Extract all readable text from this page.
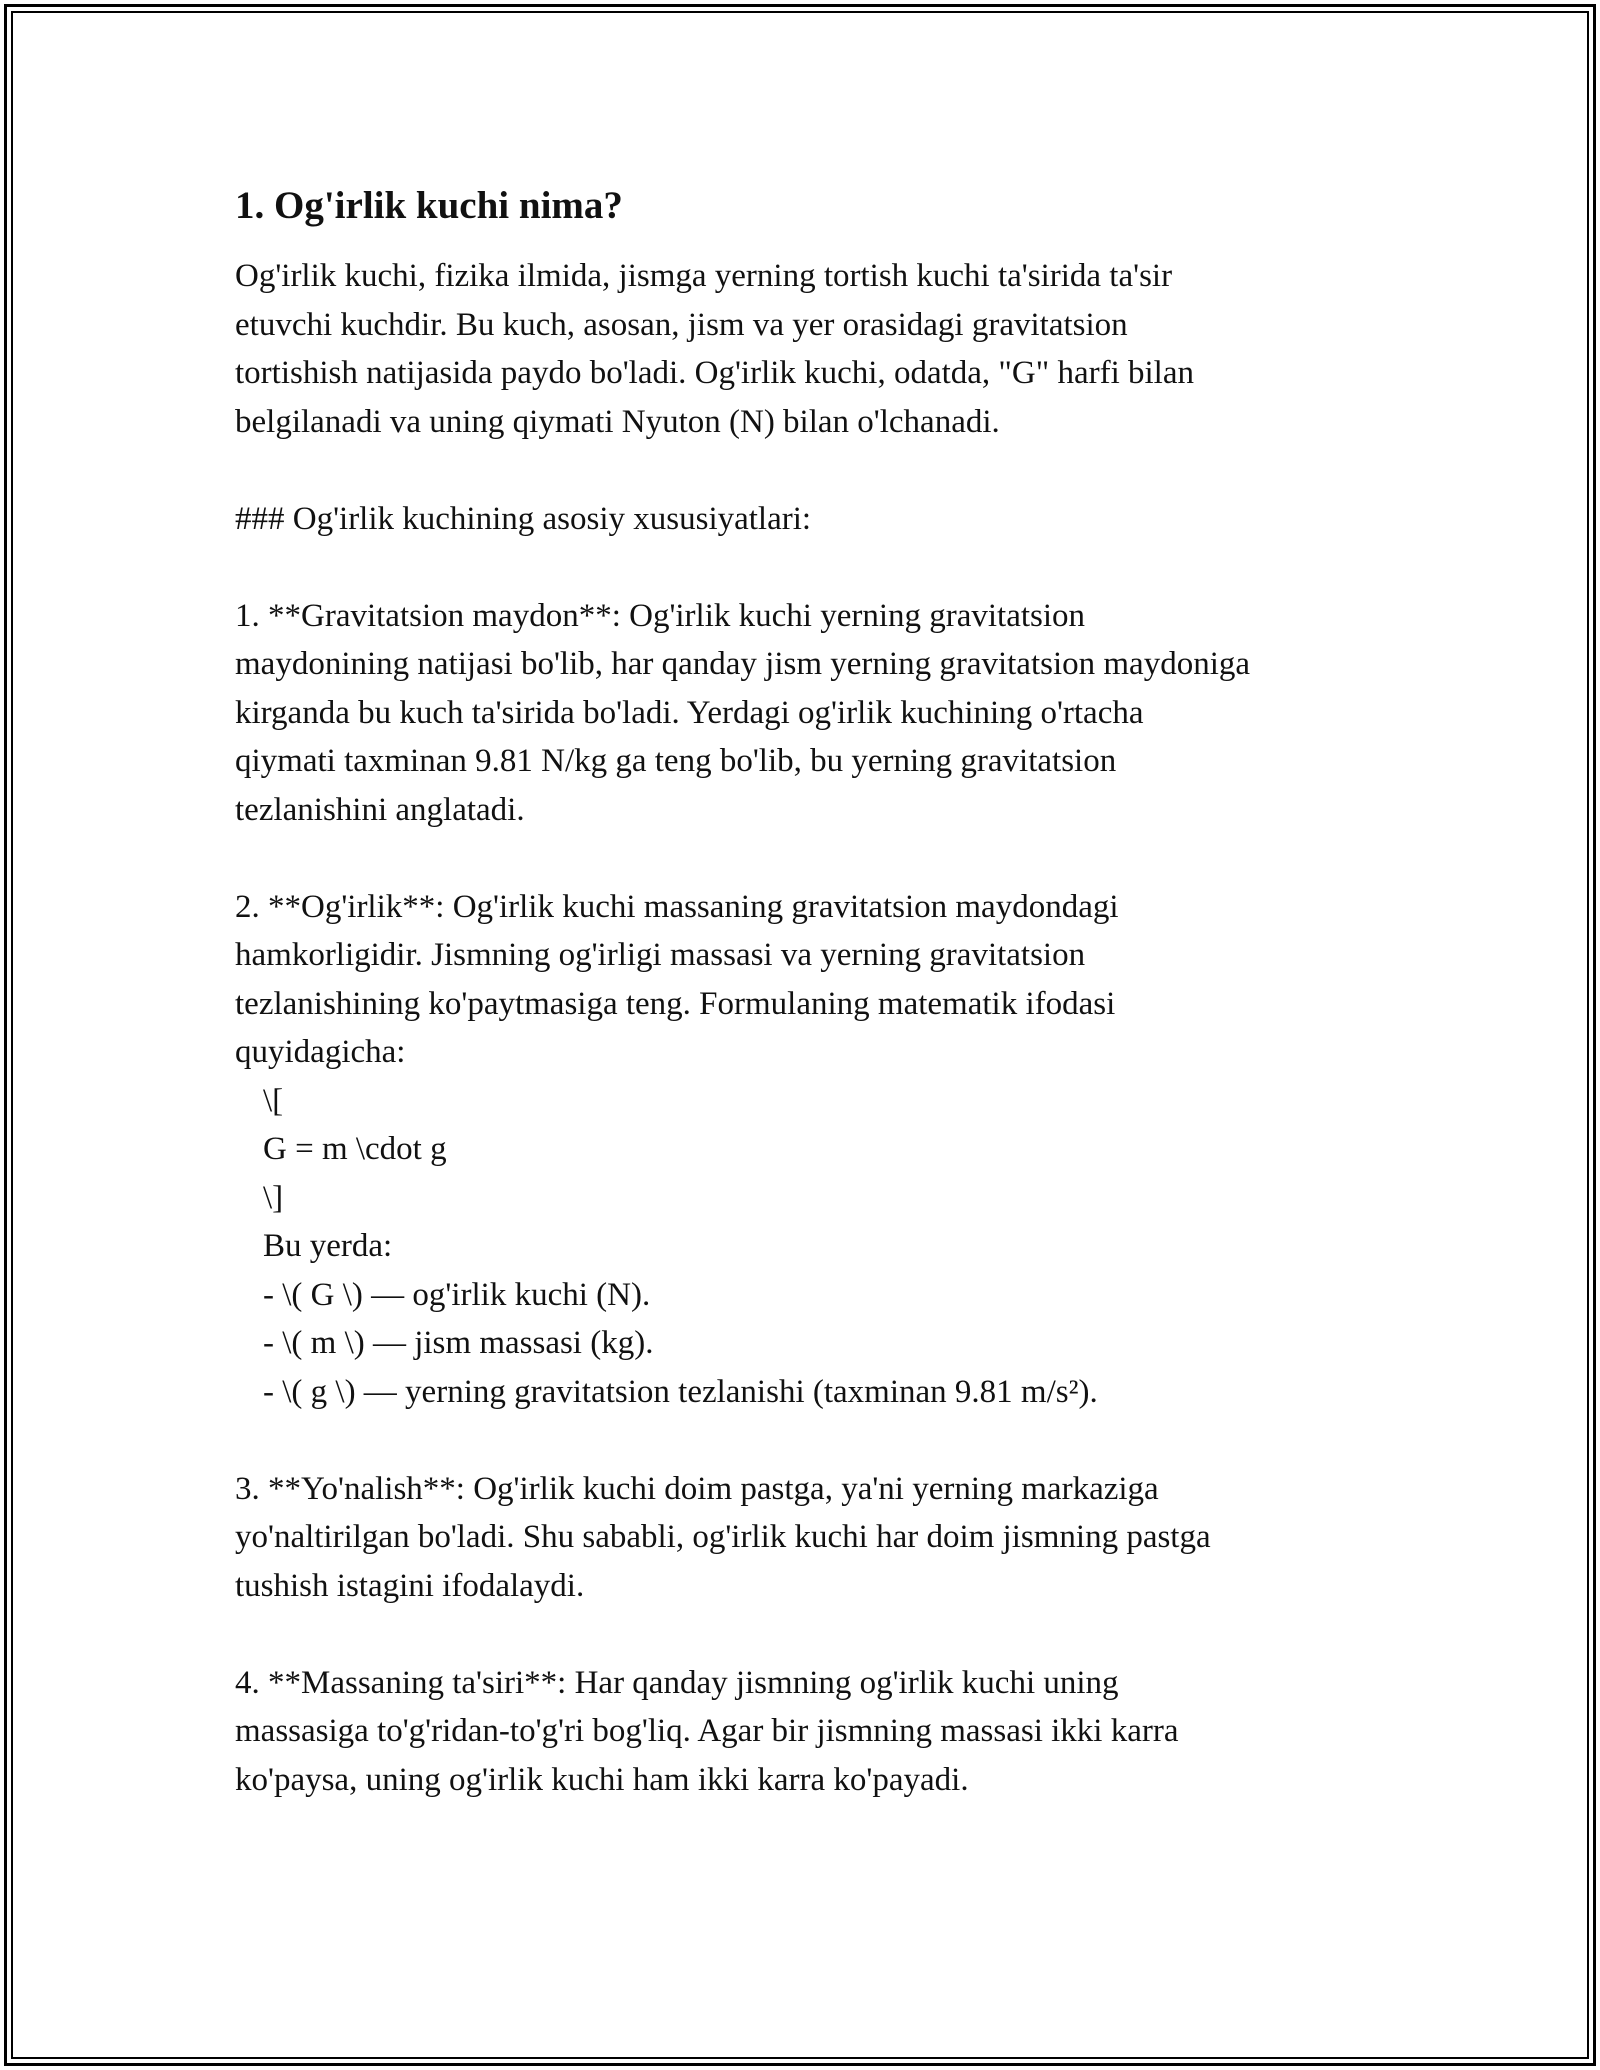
1. Og'irlik kuchi nima?

Og'irlik kuchi, fizika ilmida, jismga yerning tortish kuchi ta'sirida ta'sir
etuvchi kuchdir. Bu kuch, asosan, jism va yer orasidagi gravitatsion
tortishish natijasida paydo bo'ladi. Og'irlik kuchi, odatda, "G" harfi bilan
belgilanadi va uning qiymati Nyuton (N) bilan o'lchanadi.

### Og'irlik kuchining asosiy xususiyatlari:

1. **Gravitatsion maydon**: Og'irlik kuchi yerning gravitatsion
maydonining natijasi bo'lib, har qanday jism yerning gravitatsion maydoniga
kirganda bu kuch ta'sirida bo'ladi. Yerdagi og'irlik kuchining o'rtacha
qiymati taxminan 9.81 N/kg ga teng bo'lib, bu yerning gravitatsion
tezlanishini anglatadi.

2. **Og'irlik**: Og'irlik kuchi massaning gravitatsion maydondagi
hamkorligidir. Jismning og'irligi massasi va yerning gravitatsion
tezlanishining ko'paytmasiga teng. Formulaning matematik ifodasi
quyidagicha:

\[

G = m \cdot g

\]

Bu yerda:

- \( G \) — og'irlik kuchi (N).

- \( m \) — jism massasi (kg).

- \( g \) — yerning gravitatsion tezlanishi (taxminan 9.81 m/s²).

3. **Yo'nalish**: Og'irlik kuchi doim pastga, ya'ni yerning markaziga
yo'naltirilgan bo'ladi. Shu sababli, og'irlik kuchi har doim jismning pastga
tushish istagini ifodalaydi.

4. **Massaning ta'siri**: Har qanday jismning og'irlik kuchi uning
massasiga to'g'ridan-to'g'ri bog'liq. Agar bir jismning massasi ikki karra
ko'paysa, uning og'irlik kuchi ham ikki karra ko'payadi.
